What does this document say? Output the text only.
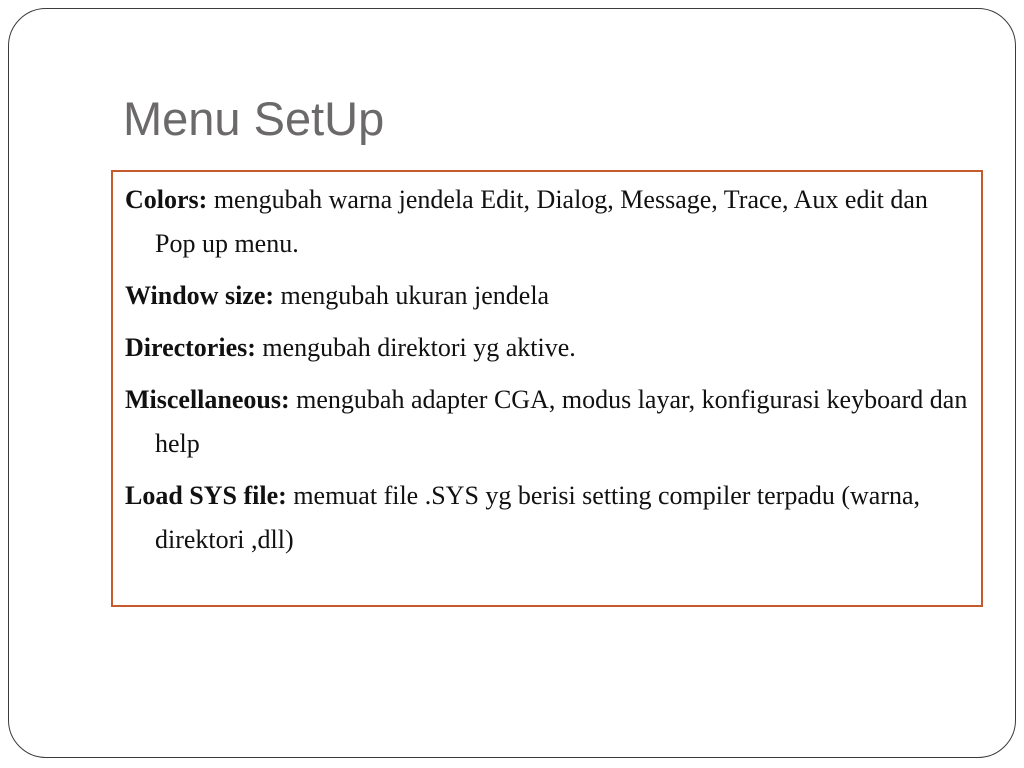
Menu SetUp

Colors: mengubah warna jendela Edit, Dialog, Message, Trace, Aux edit dan Pop up menu.

Window size: mengubah ukuran jendela

Directories: mengubah direktori yg aktive.

Miscellaneous: mengubah adapter CGA, modus layar, konfigurasi keyboard dan help

Load SYS file: memuat file .SYS yg berisi setting compiler terpadu (warna, direktori ,dll)
